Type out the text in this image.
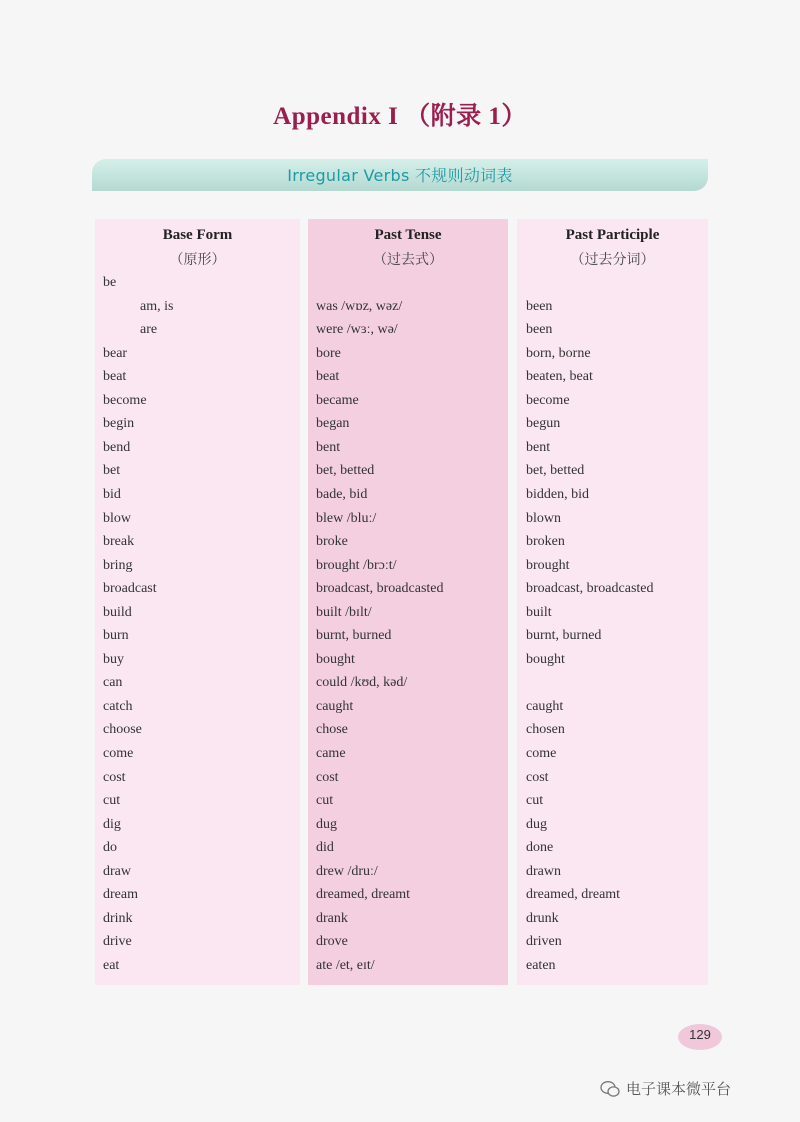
Appendix I （附录 1）
Irregular Verbs 不规则动词表
Base Form
（原形）
Past Tense
（过去式）
Past Participle
（过去分词）
be
am, is	was /wɒz, wəz/	been
are	were /wɜː, wə/	been
bear	bore	born, borne
beat	beat	beaten, beat
become	became	become
begin	began	begun
bend	bent	bent
bet	bet, betted	bet, betted
bid	bade, bid	bidden, bid
blow	blew /bluː/	blown
break	broke	broken
bring	brought /brɔːt/	brought
broadcast	broadcast, broadcasted	broadcast, broadcasted
build	built /bɪlt/	built
burn	burnt, burned	burnt, burned
buy	bought	bought
can	could /kʊd, kəd/
catch	caught	caught
choose	chose	chosen
come	came	come
cost	cost	cost
cut	cut	cut
dig	dug	dug
do	did	done
draw	drew /druː/	drawn
dream	dreamed, dreamt	dreamed, dreamt
drink	drank	drunk
drive	drove	driven
eat	ate /et, eɪt/	eaten
129
电子课本微平台
